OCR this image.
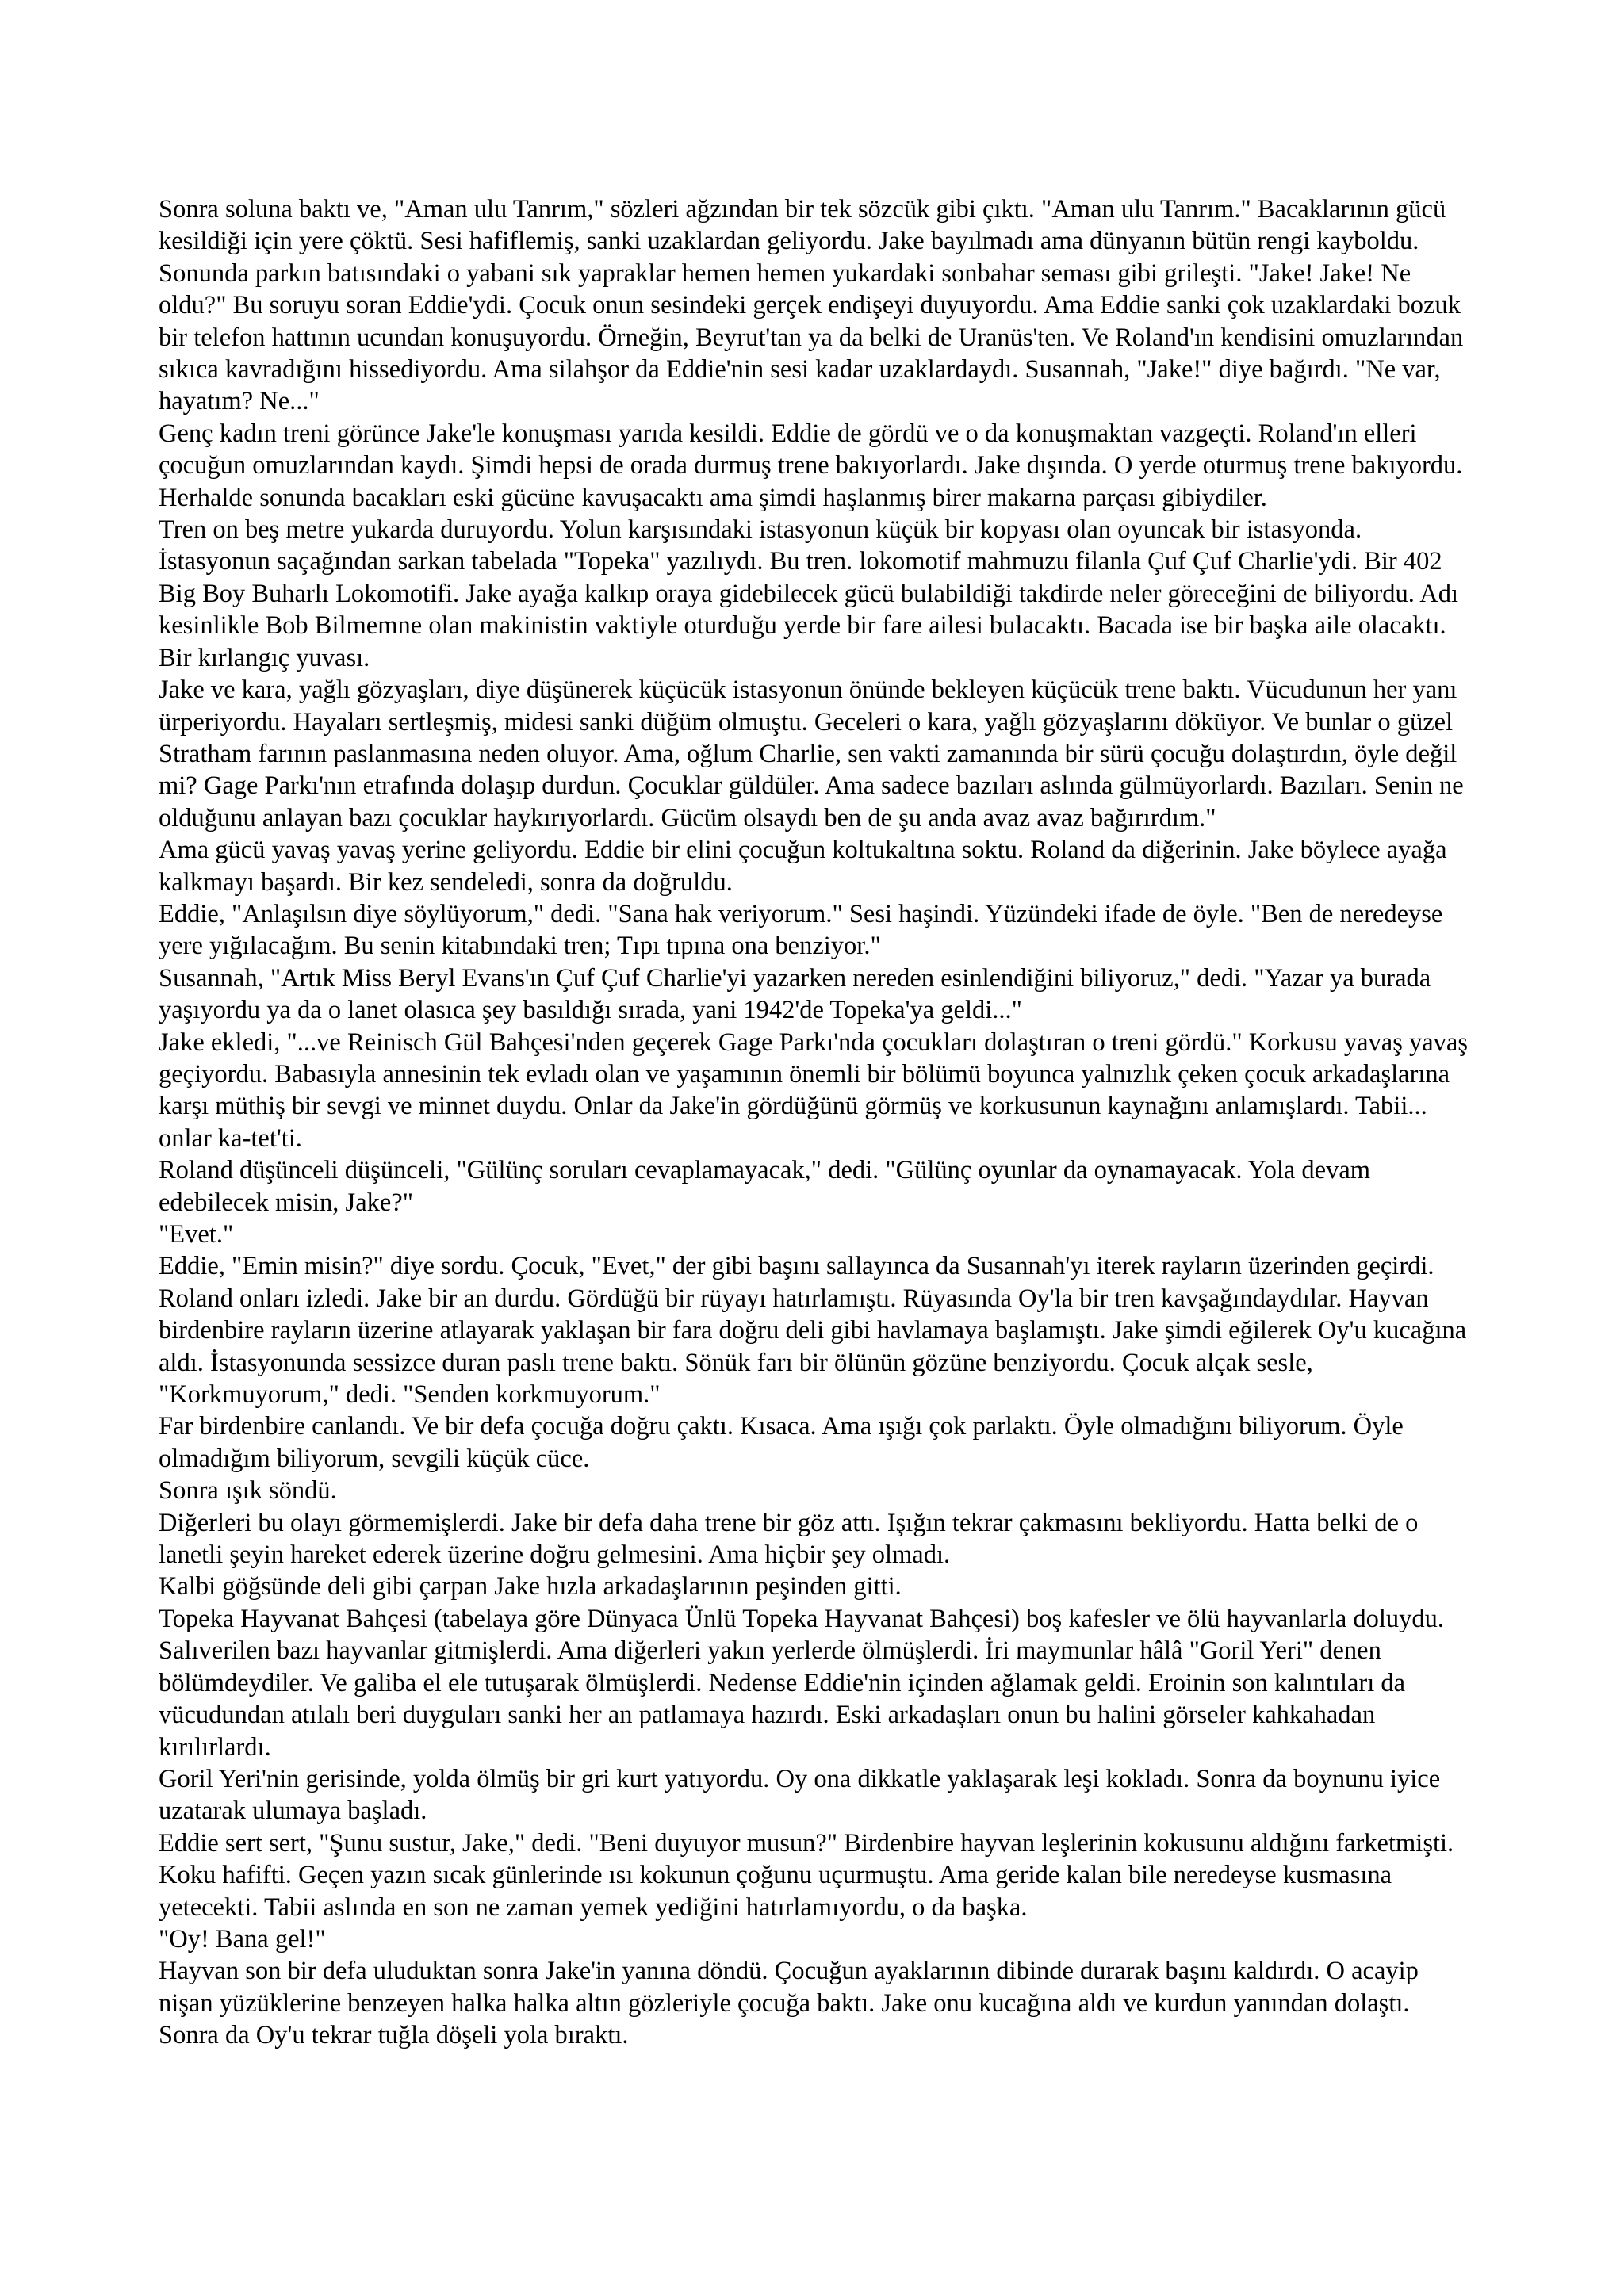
Sonra soluna baktı ve, "Aman ulu Tanrım," sözleri ağzından bir tek sözcük gibi çıktı. "Aman ulu Tanrım." Bacaklarının gücü kesildiği için yere çöktü. Sesi hafiflemiş, sanki uzaklardan geliyordu. Jake bayılmadı ama dünyanın bütün rengi kayboldu. Sonunda parkın batısındaki o yabani sık yapraklar hemen hemen yukardaki sonbahar seması gibi grileşti. "Jake! Jake! Ne oldu?" Bu soruyu soran Eddie'ydi. Çocuk onun sesindeki gerçek endişeyi duyuyordu. Ama Eddie sanki çok uzaklardaki bozuk bir telefon hattının ucundan konuşuyordu. Örneğin, Beyrut'tan ya da belki de Uranüs'ten. Ve Roland'ın kendisini omuzlarından sıkıca kavradığını hissediyordu. Ama silahşor da Eddie'nin sesi kadar uzaklardaydı. Susannah, "Jake!" diye bağırdı. "Ne var, hayatım? Ne..."

Genç kadın treni görünce Jake'le konuşması yarıda kesildi. Eddie de gördü ve o da konuşmaktan vazgeçti. Roland'ın elleri çocuğun omuzlarından kaydı. Şimdi hepsi de orada durmuş trene bakıyorlardı. Jake dışında. O yerde oturmuş trene bakıyordu. Herhalde sonunda bacakları eski gücüne kavuşacaktı ama şimdi haşlanmış birer makarna parçası gibiydiler.

Tren on beş metre yukarda duruyordu. Yolun karşısındaki istasyonun küçük bir kopyası olan oyuncak bir istasyonda. İstasyonun saçağından sarkan tabelada "Topeka" yazılıydı. Bu tren. lokomotif mahmuzu filanla Çuf Çuf Charlie'ydi. Bir 402 Big Boy Buharlı Lokomotifi. Jake ayağa kalkıp oraya gidebilecek gücü bulabildiği takdirde neler göreceğini de biliyordu. Adı kesinlikle Bob Bilmemne olan makinistin vaktiyle oturduğu yerde bir fare ailesi bulacaktı. Bacada ise bir başka aile olacaktı. Bir kırlangıç yuvası.

Jake ve kara, yağlı gözyaşları, diye düşünerek küçücük istasyonun önünde bekleyen küçücük trene baktı. Vücudunun her yanı ürperiyordu. Hayaları sertleşmiş, midesi sanki düğüm olmuştu. Geceleri o kara, yağlı gözyaşlarını döküyor. Ve bunlar o güzel Stratham farının paslanmasına neden oluyor. Ama, oğlum Charlie, sen vakti zamanında bir sürü çocuğu dolaştırdın, öyle değil mi? Gage Parkı'nın etrafında dolaşıp durdun. Çocuklar güldüler. Ama sadece bazıları aslında gülmüyorlardı. Bazıları. Senin ne olduğunu anlayan bazı çocuklar haykırıyorlardı. Gücüm olsaydı ben de şu anda avaz avaz bağırırdım."

Ama gücü yavaş yavaş yerine geliyordu. Eddie bir elini çocuğun koltukaltına soktu. Roland da diğerinin. Jake böylece ayağa kalkmayı başardı. Bir kez sendeledi, sonra da doğruldu.

Eddie, "Anlaşılsın diye söylüyorum," dedi. "Sana hak veriyorum." Sesi haşindi. Yüzündeki ifade de öyle. "Ben de neredeyse yere yığılacağım. Bu senin kitabındaki tren; Tıpı tıpına ona benziyor."

Susannah, "Artık Miss Beryl Evans'ın Çuf Çuf Charlie'yi yazarken nereden esinlendiğini biliyoruz," dedi. "Yazar ya burada yaşıyordu ya da o lanet olasıca şey basıldığı sırada, yani 1942'de Topeka'ya geldi..."

Jake ekledi, "...ve Reinisch Gül Bahçesi'nden geçerek Gage Parkı'nda çocukları dolaştıran o treni gördü." Korkusu yavaş yavaş geçiyordu. Babasıyla annesinin tek evladı olan ve yaşamının önemli bir bölümü boyunca yalnızlık çeken çocuk arkadaşlarına karşı müthiş bir sevgi ve minnet duydu. Onlar da Jake'in gördüğünü görmüş ve korkusunun kaynağını anlamışlardı. Tabii... onlar ka-tet'ti.

Roland düşünceli düşünceli, "Gülünç soruları cevaplamayacak," dedi. "Gülünç oyunlar da oynamayacak. Yola devam edebilecek misin, Jake?"

"Evet."

Eddie, "Emin misin?" diye sordu. Çocuk, "Evet," der gibi başını sallayınca da Susannah'yı iterek rayların üzerinden geçirdi. Roland onları izledi. Jake bir an durdu. Gördüğü bir rüyayı hatırlamıştı. Rüyasında Oy'la bir tren kavşağındaydılar. Hayvan birdenbire rayların üzerine atlayarak yaklaşan bir fara doğru deli gibi havlamaya başlamıştı. Jake şimdi eğilerek Oy'u kucağına aldı. İstasyonunda sessizce duran paslı trene baktı. Sönük farı bir ölünün gözüne benziyordu. Çocuk alçak sesle, "Korkmuyorum," dedi. "Senden korkmuyorum."

Far birdenbire canlandı. Ve bir defa çocuğa doğru çaktı. Kısaca. Ama ışığı çok parlaktı. Öyle olmadığını biliyorum. Öyle olmadığım biliyorum, sevgili küçük cüce.

Sonra ışık söndü.

Diğerleri bu olayı görmemişlerdi. Jake bir defa daha trene bir göz attı. Işığın tekrar çakmasını bekliyordu. Hatta belki de o lanetli şeyin hareket ederek üzerine doğru gelmesini. Ama hiçbir şey olmadı.

Kalbi göğsünde deli gibi çarpan Jake hızla arkadaşlarının peşinden gitti.

Topeka Hayvanat Bahçesi (tabelaya göre Dünyaca Ünlü Topeka Hayvanat Bahçesi) boş kafesler ve ölü hayvanlarla doluydu. Salıverilen bazı hayvanlar gitmişlerdi. Ama diğerleri yakın yerlerde ölmüşlerdi. İri maymunlar hâlâ "Goril Yeri" denen bölümdeydiler. Ve galiba el ele tutuşarak ölmüşlerdi. Nedense Eddie'nin içinden ağlamak geldi. Eroinin son kalıntıları da vücudundan atılalı beri duyguları sanki her an patlamaya hazırdı. Eski arkadaşları onun bu halini görseler kahkahadan kırılırlardı.

Goril Yeri'nin gerisinde, yolda ölmüş bir gri kurt yatıyordu. Oy ona dikkatle yaklaşarak leşi kokladı. Sonra da boynunu iyice uzatarak ulumaya başladı.

Eddie sert sert, "Şunu sustur, Jake," dedi. "Beni duyuyor musun?" Birdenbire hayvan leşlerinin kokusunu aldığını farketmişti. Koku hafifti. Geçen yazın sıcak günlerinde ısı kokunun çoğunu uçurmuştu. Ama geride kalan bile neredeyse kusmasına yetecekti. Tabii aslında en son ne zaman yemek yediğini hatırlamıyordu, o da başka.

"Oy! Bana gel!"

Hayvan son bir defa uluduktan sonra Jake'in yanına döndü. Çocuğun ayaklarının dibinde durarak başını kaldırdı. O acayip nişan yüzüklerine benzeyen halka halka altın gözleriyle çocuğa baktı. Jake onu kucağına aldı ve kurdun yanından dolaştı. Sonra da Oy'u tekrar tuğla döşeli yola bıraktı.
